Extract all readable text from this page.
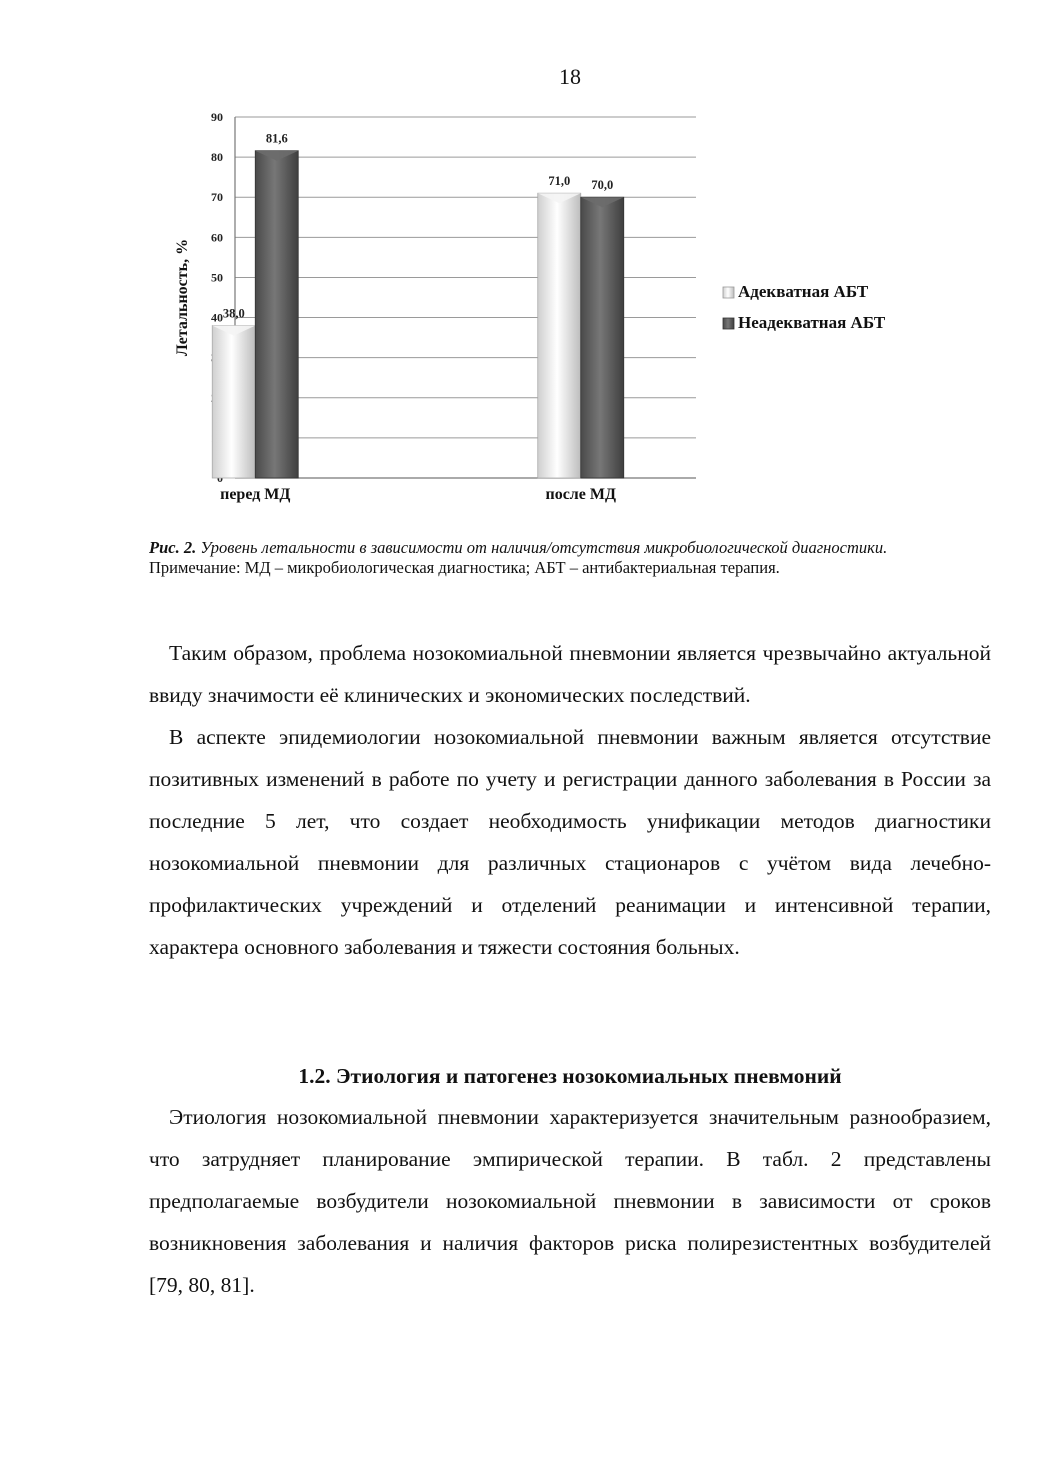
18
40
50
60
70
80
90
Летальность, %	38,0
81,6
перед МД
71,0 70,0
после МД
Адекватная АБТ
Неадекватная АБТ
Рис. 2. Уровень летальности в зависимости от наличия/отсутствия микробиологической диагностики.
Примечание: МД – микробиологическая диагностика; АБТ – антибактериальная терапия.

Таким образом, проблема нозокомиальной пневмонии является чрезвычайно актуальной ввиду значимости её клинических и экономических последствий.

В аспекте эпидемиологии нозокомиальной пневмонии важным является отсутствие позитивных изменений в работе по учету и регистрации данного заболевания в России за последние 5 лет, что создает необходимость унификации методов диагностики нозокомиальной пневмонии для различных стационаров с учётом вида лечебно-профилактических учреждений и отделений реанимации и интенсивной терапии, характера основного заболевания и тяжести состояния больных.

1.2. Этиология и патогенез нозокомиальных пневмоний

Этиология нозокомиальной пневмонии характеризуется значительным разнообразием, что затрудняет планирование эмпирической терапии. В табл. 2 представлены предполагаемые возбудители нозокомиальной пневмонии в зависимости от сроков возникновения заболевания и наличия факторов риска полирезистентных возбудителей [79, 80, 81].
